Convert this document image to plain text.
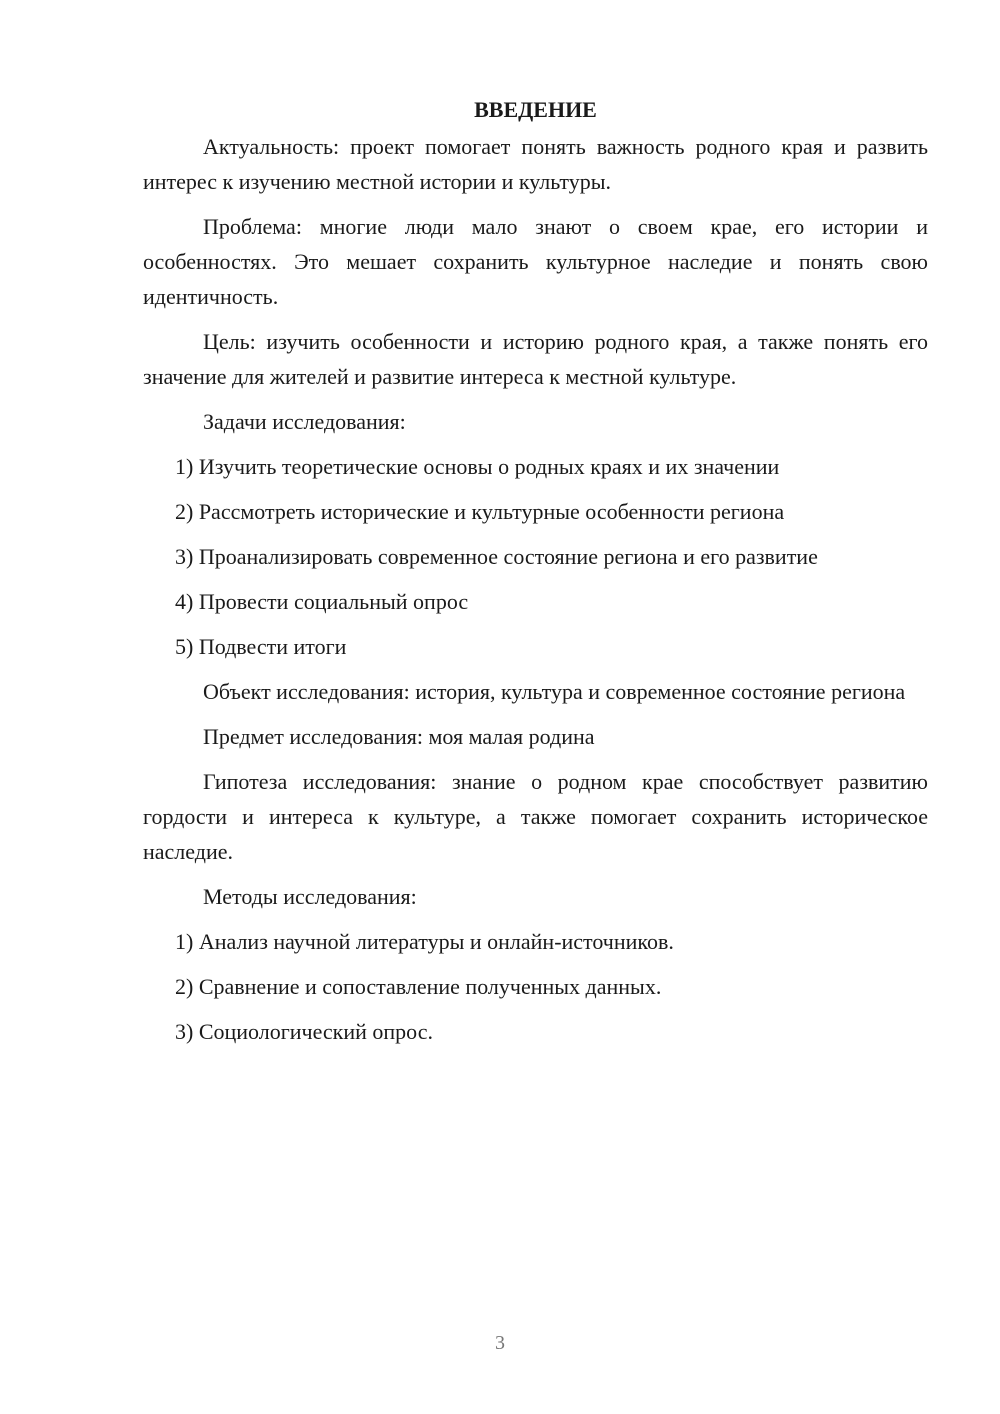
ВВЕДЕНИЕ

Актуальность: проект помогает понять важность родного края и развить интерес к изучению местной истории и культуры.

Проблема: многие люди мало знают о своем крае, его истории и особенностях. Это мешает сохранить культурное наследие и понять свою идентичность.

Цель: изучить особенности и историю родного края, а также понять его значение для жителей и развитие интереса к местной культуре.

Задачи исследования:

1) Изучить теоретические основы о родных краях и их значении
2) Рассмотреть исторические и культурные особенности региона
3) Проанализировать современное состояние региона и его развитие
4) Провести социальный опрос
5) Подвести итоги

Объект исследования: история, культура и современное состояние региона

Предмет исследования: моя малая родина

Гипотеза исследования: знание о родном крае способствует развитию гордости и интереса к культуре, а также помогает сохранить историческое наследие.

Методы исследования:

1) Анализ научной литературы и онлайн-источников.
2) Сравнение и сопоставление полученных данных.
3) Социологический опрос.
3
